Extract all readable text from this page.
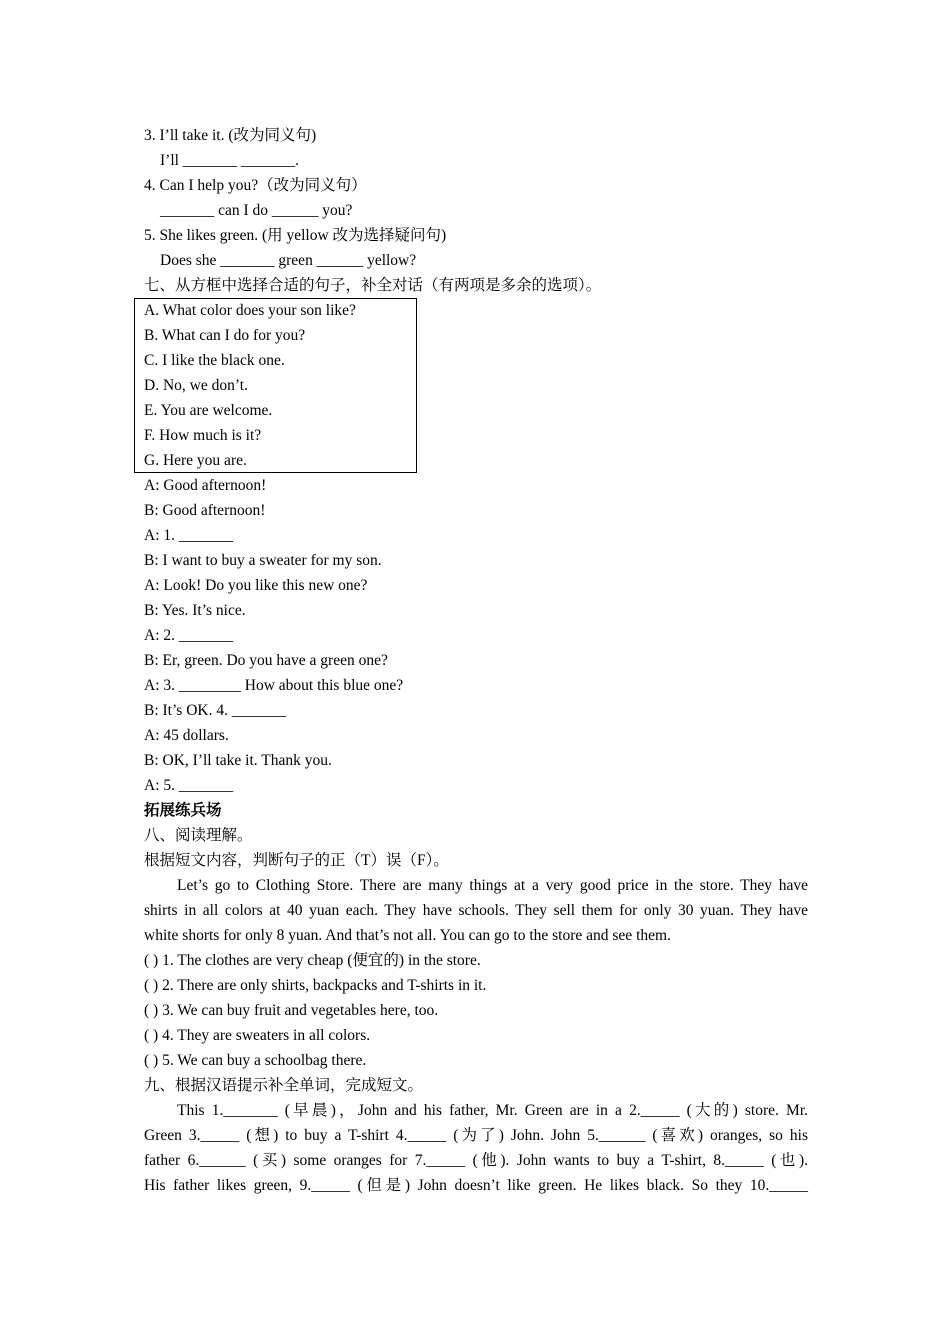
3. I’ll take it. (改为同义句)
I’ll _______ _______.
4. Can I help you?（改为同义句）
_______ can I do ______ you?
5. She likes green. (用 yellow 改为选择疑问句)
Does she _______ green ______ yellow?
七、从方框中选择合适的句子，补全对话（有两项是多余的选项）。
A. What color does your son like?
B. What can I do for you?
C. I like the black one.
D. No, we don’t.
E. You are welcome.
F. How much is it?
G. Here you are.
A: Good afternoon!
B: Good afternoon!
A: 1. _______
B: I want to buy a sweater for my son.
A: Look! Do you like this new one?
B: Yes. It’s nice.
A: 2. _______
B: Er, green. Do you have a green one?
A: 3. ________ How about this blue one?
B: It’s OK. 4. _______
A: 45 dollars.
B: OK, I’ll take it. Thank you.
A: 5. _______
拓展练兵场
八、阅读理解。
根据短文内容，判断句子的正（T）误（F）。
Let’s go to Clothing Store. There are many things at a very good price in the store. They have
shirts in all colors at 40 yuan each. They have schools. They sell them for only 30 yuan. They have
white shorts for only 8 yuan. And that’s not all. You can go to the store and see them.
( ) 1. The clothes are very cheap (便宜的) in the store.
( ) 2. There are only shirts, backpacks and T-shirts in it.
( ) 3. We can buy fruit and vegetables here, too.
( ) 4. They are sweaters in all colors.
( ) 5. We can buy a schoolbag there.
九、根据汉语提示补全单词，完成短文。
This 1._______ (早晨)，John and his father, Mr. Green are in a 2._____ (大的) store. Mr.
Green 3._____ (想) to buy a T-shirt 4._____ (为了) John. John 5.______ (喜欢) oranges, so his
father 6.______ (买) some oranges for 7._____ (他). John wants to buy a T-shirt, 8._____ (也).
His father likes green, 9._____ (但是) John doesn’t like green. He likes black. So they 10._____
